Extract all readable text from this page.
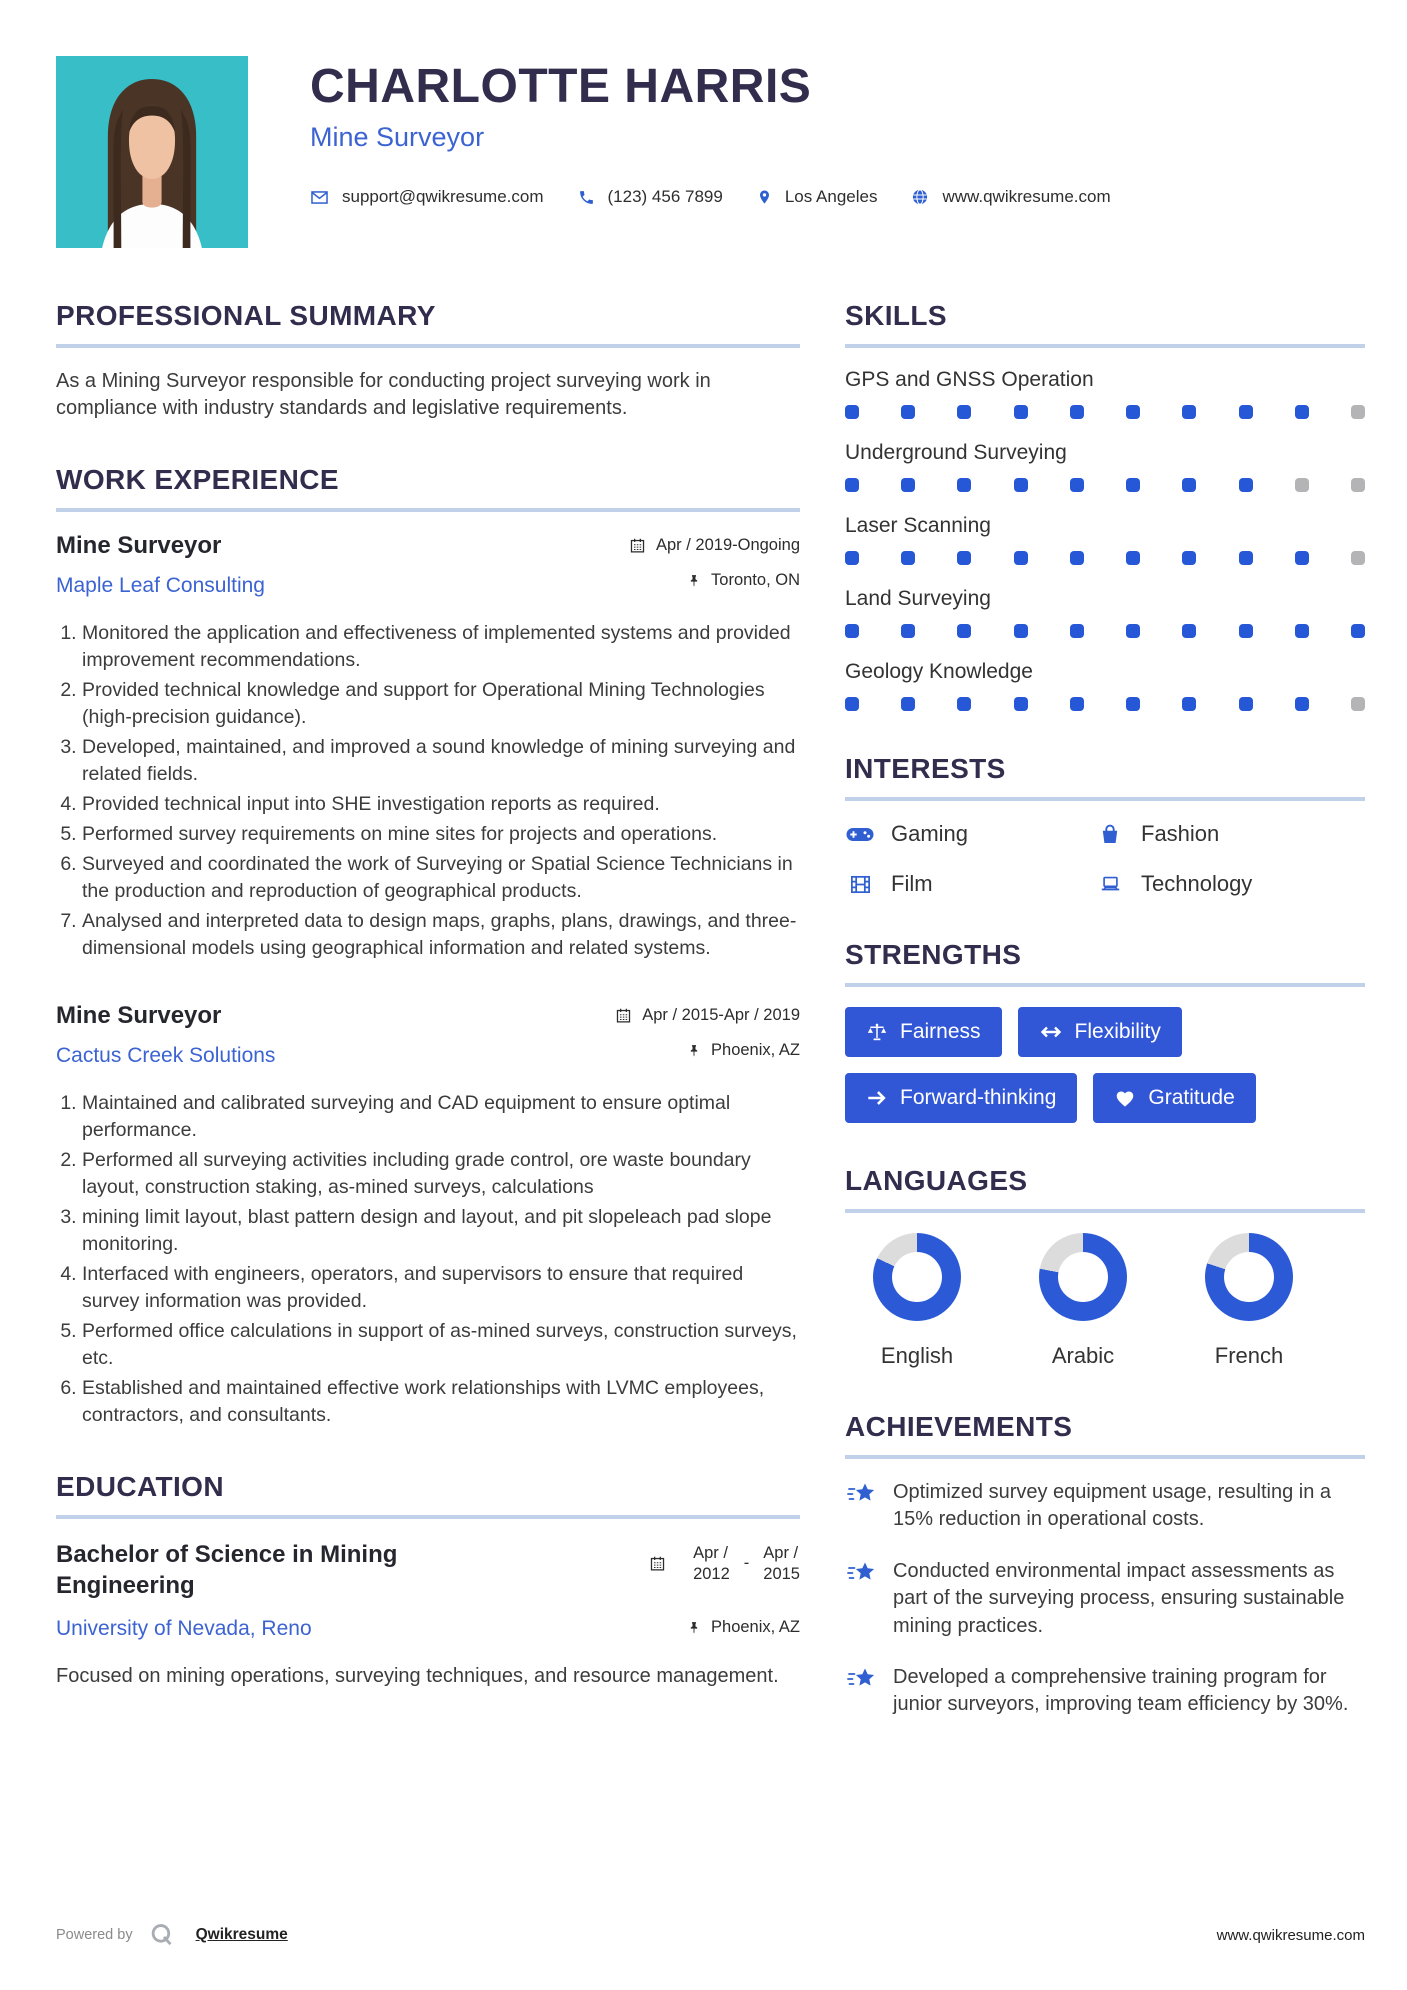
CHARLOTTE HARRIS
Mine Surveyor
support@qwikresume.com	(123) 456 7899	Los Angeles	www.qwikresume.com
PROFESSIONAL SUMMARY

As a Mining Surveyor responsible for conducting project surveying work in compliance with industry standards and legislative requirements.

WORK EXPERIENCE
Mine Surveyor
Maple Leaf Consulting
Apr / 2019-Ongoing
Toronto, ON
1. Monitored the application and effectiveness of implemented systems and provided improvement recommendations.
2. Provided technical knowledge and support for Operational Mining Technologies (high-precision guidance).
3. Developed, maintained, and improved a sound knowledge of mining surveying and related fields.
4. Provided technical input into SHE investigation reports as required.
5. Performed survey requirements on mine sites for projects and operations.
6. Surveyed and coordinated the work of Surveying or Spatial Science Technicians in the production and reproduction of geographical products.
7. Analysed and interpreted data to design maps, graphs, plans, drawings, and three-dimensional models using geographical information and related systems.
Mine Surveyor
Cactus Creek Solutions
Apr / 2015-Apr / 2019
Phoenix, AZ
1. Maintained and calibrated surveying and CAD equipment to ensure optimal performance.
2. Performed all surveying activities including grade control, ore waste boundary layout, construction staking, as-mined surveys, calculations
3. mining limit layout, blast pattern design and layout, and pit slopeleach pad slope monitoring.
4. Interfaced with engineers, operators, and supervisors to ensure that required survey information was provided.
5. Performed office calculations in support of as-mined surveys, construction surveys, etc.
6. Established and maintained effective work relationships with LVMC employees, contractors, and consultants.
EDUCATION
Bachelor of Science in Mining Engineering
University of Nevada, Reno
Apr /
2012
-
Apr /
2015
Phoenix, AZ

Focused on mining operations, surveying techniques, and resource management.

SKILLS
GPS and GNSS Operation
Underground Surveying
Laser Scanning
Land Surveying
Geology Knowledge
INTERESTS
Gaming	Fashion
Film	Technology
STRENGTHS
Fairness	Flexibility
Forward-thinking	Gratitude
LANGUAGES
English	Arabic	French
ACHIEVEMENTS

Optimized survey equipment usage, resulting in a 15% reduction in operational costs.

Conducted environmental impact assessments as part of the surveying process, ensuring sustainable mining practices.

Developed a comprehensive training program for junior surveyors, improving team efficiency by 30%.

Powered by	Qwikresume	www.qwikresume.com
